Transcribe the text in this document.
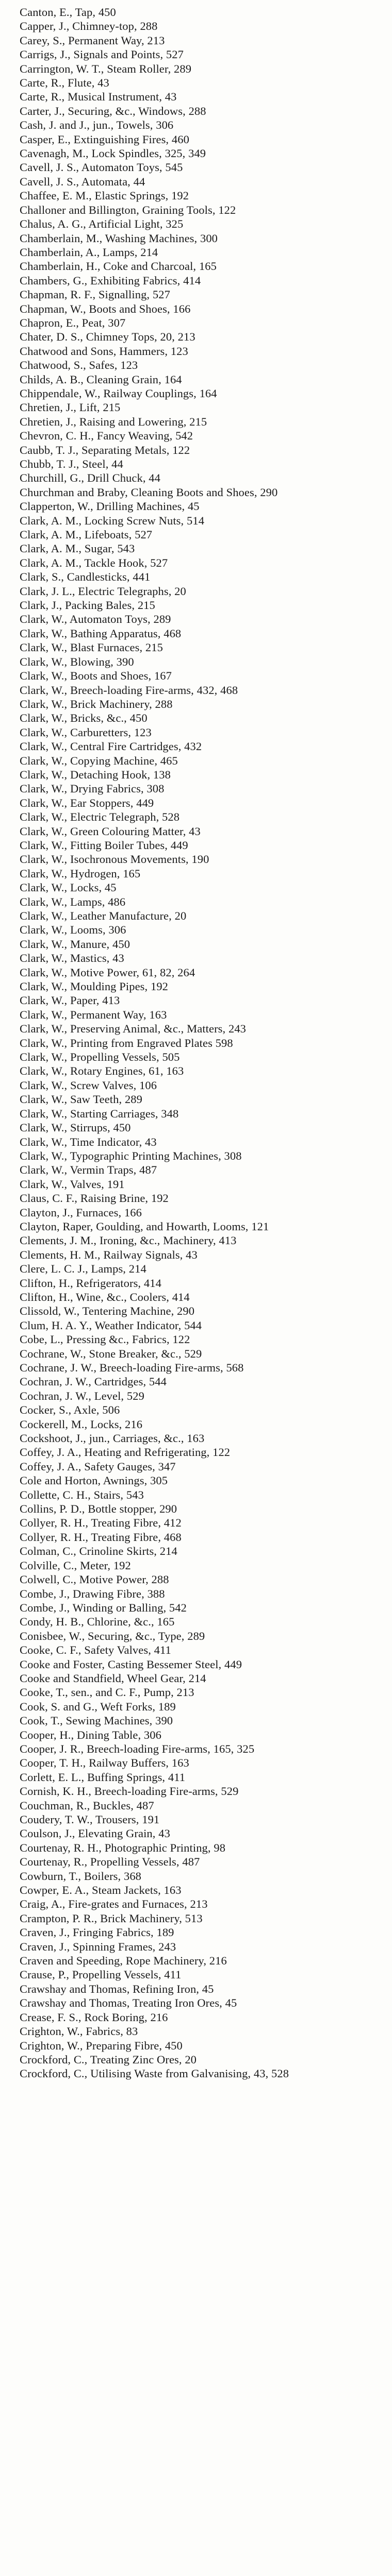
Canton, E., Tap, 450
Capper, J., Chimney-top, 288
Carey, S., Permanent Way, 213
Carrigs, J., Signals and Points, 527
Carrington, W. T., Steam Roller, 289
Carte, R., Flute, 43
Carte, R., Musical Instrument, 43
Carter, J., Securing, &c., Windows, 288
Cash, J. and J., jun., Towels, 306
Casper, E., Extinguishing Fires, 460
Cavenagh, M., Lock Spindles, 325, 349
Cavell, J. S., Automaton Toys, 545
Cavell, J. S., Automata, 44
Chaffee, E. M., Elastic Springs, 192
Challoner and Billington, Graining Tools, 122
Chalus, A. G., Artificial Light, 325
Chamberlain, M., Washing Machines, 300
Chamberlain, A., Lamps, 214
Chamberlain, H., Coke and Charcoal, 165
Chambers, G., Exhibiting Fabrics, 414
Chapman, R. F., Signalling, 527
Chapman, W., Boots and Shoes, 166
Chapron, E., Peat, 307
Chater, D. S., Chimney Tops, 20, 213
Chatwood and Sons, Hammers, 123
Chatwood, S., Safes, 123
Childs, A. B., Cleaning Grain, 164
Chippendale, W., Railway Couplings, 164
Chretien, J., Lift, 215
Chretien, J., Raising and Lowering, 215
Chevron, C. H., Fancy Weaving, 542
Caubb, T. J., Separating Metals, 122
Chubb, T. J., Steel, 44
Churchill, G., Drill Chuck, 44
Churchman and Braby, Cleaning Boots and Shoes, 290
Clapperton, W., Drilling Machines, 45
Clark, A. M., Locking Screw Nuts, 514
Clark, A. M., Lifeboats, 527
Clark, A. M., Sugar, 543
Clark, A. M., Tackle Hook, 527
Clark, S., Candlesticks, 441
Clark, J. L., Electric Telegraphs, 20
Clark, J., Packing Bales, 215
Clark, W., Automaton Toys, 289
Clark, W., Bathing Apparatus, 468
Clark, W., Blast Furnaces, 215
Clark, W., Blowing, 390
Clark, W., Boots and Shoes, 167
Clark, W., Breech-loading Fire-arms, 432, 468
Clark, W., Brick Machinery, 288
Clark, W., Bricks, &c., 450
Clark, W., Carburetters, 123
Clark, W., Central Fire Cartridges, 432
Clark, W., Copying Machine, 465
Clark, W., Detaching Hook, 138
Clark, W., Drying Fabrics, 308
Clark, W., Ear Stoppers, 449
Clark, W., Electric Telegraph, 528
Clark, W., Green Colouring Matter, 43
Clark, W., Fitting Boiler Tubes, 449
Clark, W., Isochronous Movements, 190
Clark, W., Hydrogen, 165
Clark, W., Locks, 45
Clark, W., Lamps, 486
Clark, W., Leather Manufacture, 20
Clark, W., Looms, 306
Clark, W., Manure, 450
Clark, W., Mastics, 43
Clark, W., Motive Power, 61, 82, 264
Clark, W., Moulding Pipes, 192
Clark, W., Paper, 413
Clark, W., Permanent Way, 163
Clark, W., Preserving Animal, &c., Matters, 243
Clark, W., Printing from Engraved Plates 598
Clark, W., Propelling Vessels, 505
Clark, W., Rotary Engines, 61, 163
Clark, W., Screw Valves, 106
Clark, W., Saw Teeth, 289
Clark, W., Starting Carriages, 348
Clark, W., Stirrups, 450
Clark, W., Time Indicator, 43
Clark, W., Typographic Printing Machines, 308
Clark, W., Vermin Traps, 487
Clark, W., Valves, 191
Claus, C. F., Raising Brine, 192
Clayton, J., Furnaces, 166
Clayton, Raper, Goulding, and Howarth, Looms, 121
Clements, J. M., Ironing, &c., Machinery, 413
Clements, H. M., Railway Signals, 43
Clere, L. C. J., Lamps, 214
Clifton, H., Refrigerators, 414
Clifton, H., Wine, &c., Coolers, 414
Clissold, W., Tentering Machine, 290
Clum, H. A. Y., Weather Indicator, 544
Cobe, L., Pressing &c., Fabrics, 122
Cochrane, W., Stone Breaker, &c., 529
Cochrane, J. W., Breech-loading Fire-arms, 568
Cochran, J. W., Cartridges, 544
Cochran, J. W., Level, 529
Cocker, S., Axle, 506
Cockerell, M., Locks, 216
Cockshoot, J., jun., Carriages, &c., 163
Coffey, J. A., Heating and Refrigerating, 122
Coffey, J. A., Safety Gauges, 347
Cole and Horton, Awnings, 305
Collette, C. H., Stairs, 543
Collins, P. D., Bottle stopper, 290
Collyer, R. H., Treating Fibre, 412
Collyer, R. H., Treating Fibre, 468
Colman, C., Crinoline Skirts, 214
Colville, C., Meter, 192
Colwell, C., Motive Power, 288
Combe, J., Drawing Fibre, 388
Combe, J., Winding or Balling, 542
Condy, H. B., Chlorine, &c., 165
Conisbee, W., Securing, &c., Type, 289
Cooke, C. F., Safety Valves, 411
Cooke and Foster, Casting Bessemer Steel, 449
Cooke and Standfield, Wheel Gear, 214
Cooke, T., sen., and C. F., Pump, 213
Cook, S. and G., Weft Forks, 189
Cook, T., Sewing Machines, 390
Cooper, H., Dining Table, 306
Cooper, J. R., Breech-loading Fire-arms, 165, 325
Cooper, T. H., Railway Buffers, 163
Corlett, E. L., Buffing Springs, 411
Cornish, K. H., Breech-loading Fire-arms, 529
Couchman, R., Buckles, 487
Coudery, T. W., Trousers, 191
Coulson, J., Elevating Grain, 43
Courtenay, R. H., Photographic Printing, 98
Courtenay, R., Propelling Vessels, 487
Cowburn, T., Boilers, 368
Cowper, E. A., Steam Jackets, 163
Craig, A., Fire-grates and Furnaces, 213
Crampton, P. R., Brick Machinery, 513
Craven, J., Fringing Fabrics, 189
Craven, J., Spinning Frames, 243
Craven and Speeding, Rope Machinery, 216
Crause, P., Propelling Vessels, 411
Crawshay and Thomas, Refining Iron, 45
Crawshay and Thomas, Treating Iron Ores, 45
Crease, F. S., Rock Boring, 216
Crighton, W., Fabrics, 83
Crighton, W., Preparing Fibre, 450
Crockford, C., Treating Zinc Ores, 20
Crockford, C., Utilising Waste from Galvanising, 43, 528
